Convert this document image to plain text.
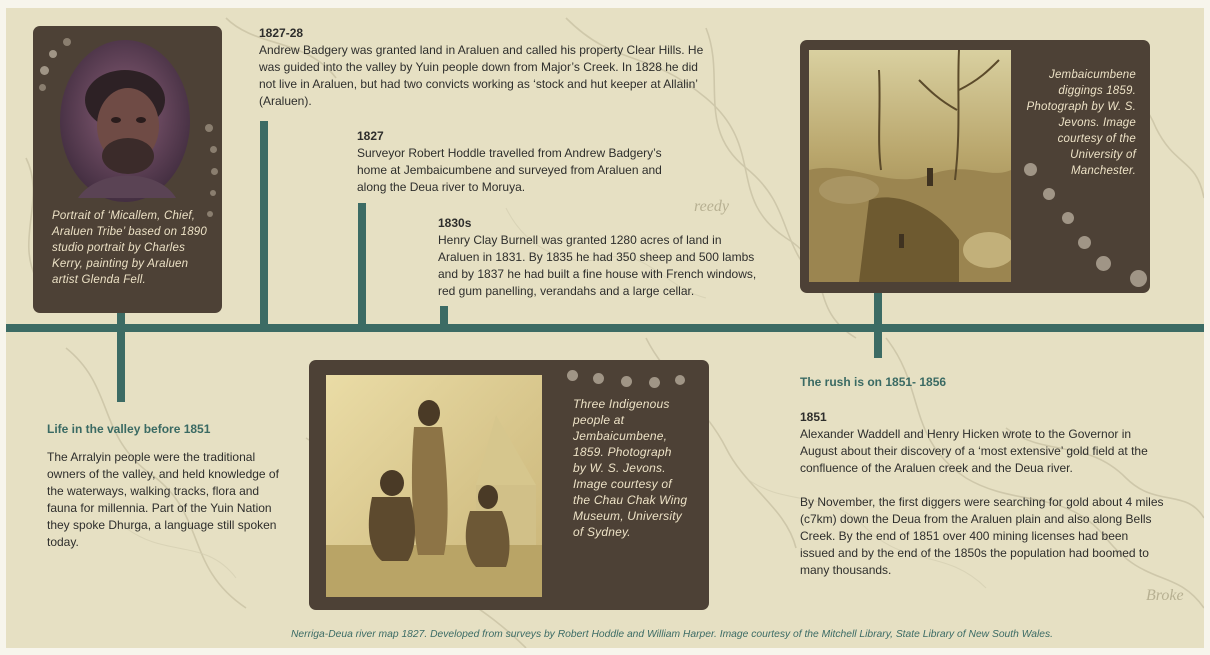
reedy
Broke

Portrait of ‘Micallem, Chief, Araluen Tribe’ based on 1890 studio portrait by Charles Kerry, painting by Araluen artist Glenda Fell.

1827-28

Andrew Badgery was granted land in Araluen and called his property Clear Hills. He was guided into the valley by Yuin people down from Major’s Creek. In 1828 he did not live in Araluen, but had two convicts working as ‘stock and hut keeper at Allalin’ (Araluen).

1827

Surveyor Robert Hoddle travelled from Andrew Badgery’s home at Jembaicumbene and surveyed from Araluen and along the Deua river to Moruya.

1830s

Henry Clay Burnell was granted 1280 acres of land in Araluen in 1831. By 1835 he had 350 sheep and 500 lambs and by 1837 he had built a fine house with French windows, red gum panelling, verandahs and a large cellar.

Jembaicumbene diggings 1859. Photograph by W. S. Jevons. Image courtesy of the University of Manchester.

Life in the valley before 1851

The Arralyin people were the traditional owners of the valley, and held knowledge of the waterways, walking tracks, flora and fauna for millennia. Part of the Yuin Nation they spoke Dhurga, a language still spoken today.

Three Indigenous people at Jembaicumbene, 1859. Photograph by W. S. Jevons. Image courtesy of the Chau Chak Wing Museum, University of Sydney.

The rush is on 1851- 1856
1851

Alexander Waddell and Henry Hicken wrote to the Governor in August about their discovery of a ‘most extensive’ gold field at the confluence of the Araluen creek and the Deua river.

By November, the first diggers were searching for gold about 4 miles (c7km) down the Deua from the Araluen plain and also along Bells Creek. By the end of 1851 over 400 mining licenses had been issued and by the end of the 1850s the population had boomed to many thousands.

Nerriga-Deua river map 1827. Developed from surveys by Robert Hoddle and William Harper. Image courtesy of the Mitchell Library, State Library of New South Wales.
